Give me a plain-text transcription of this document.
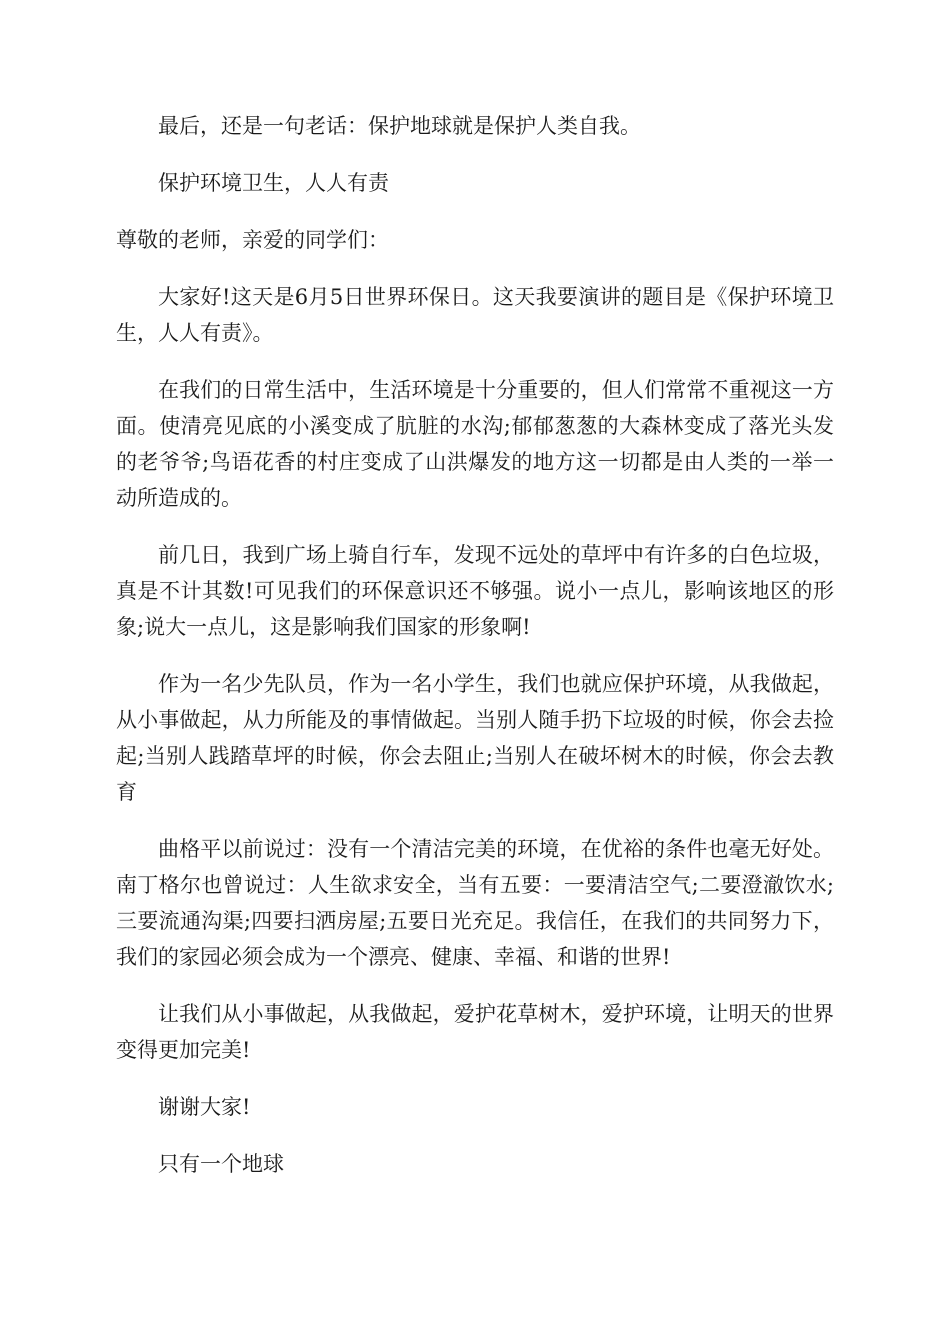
最后，还是一句老话：保护地球就是保护人类自我。

保护环境卫生，人人有责

尊敬的老师，亲爱的同学们：

大家好!这天是6月5日世界环保日。这天我要演讲的题目是《保护环境卫生，人人有责》。

在我们的日常生活中，生活环境是十分重要的，但人们常常不重视这一方面。使清亮见底的小溪变成了肮脏的水沟;郁郁葱葱的大森林变成了落光头发的老爷爷;鸟语花香的村庄变成了山洪爆发的地方这一切都是由人类的一举一动所造成的。

前几日，我到广场上骑自行车，发现不远处的草坪中有许多的白色垃圾，真是不计其数!可见我们的环保意识还不够强。说小一点儿，影响该地区的形象;说大一点儿，这是影响我们国家的形象啊!

作为一名少先队员，作为一名小学生，我们也就应保护环境，从我做起，从小事做起，从力所能及的事情做起。当别人随手扔下垃圾的时候，你会去捡起;当别人践踏草坪的时候，你会去阻止;当别人在破坏树木的时候，你会去教育

曲格平以前说过：没有一个清洁完美的环境，在优裕的条件也毫无好处。南丁格尔也曾说过：人生欲求安全，当有五要：一要清洁空气;二要澄澈饮水;三要流通沟渠;四要扫洒房屋;五要日光充足。我信任，在我们的共同努力下，我们的家园必须会成为一个漂亮、健康、幸福、和谐的世界!

让我们从小事做起，从我做起，爱护花草树木，爱护环境，让明天的世界变得更加完美!

谢谢大家!

只有一个地球
